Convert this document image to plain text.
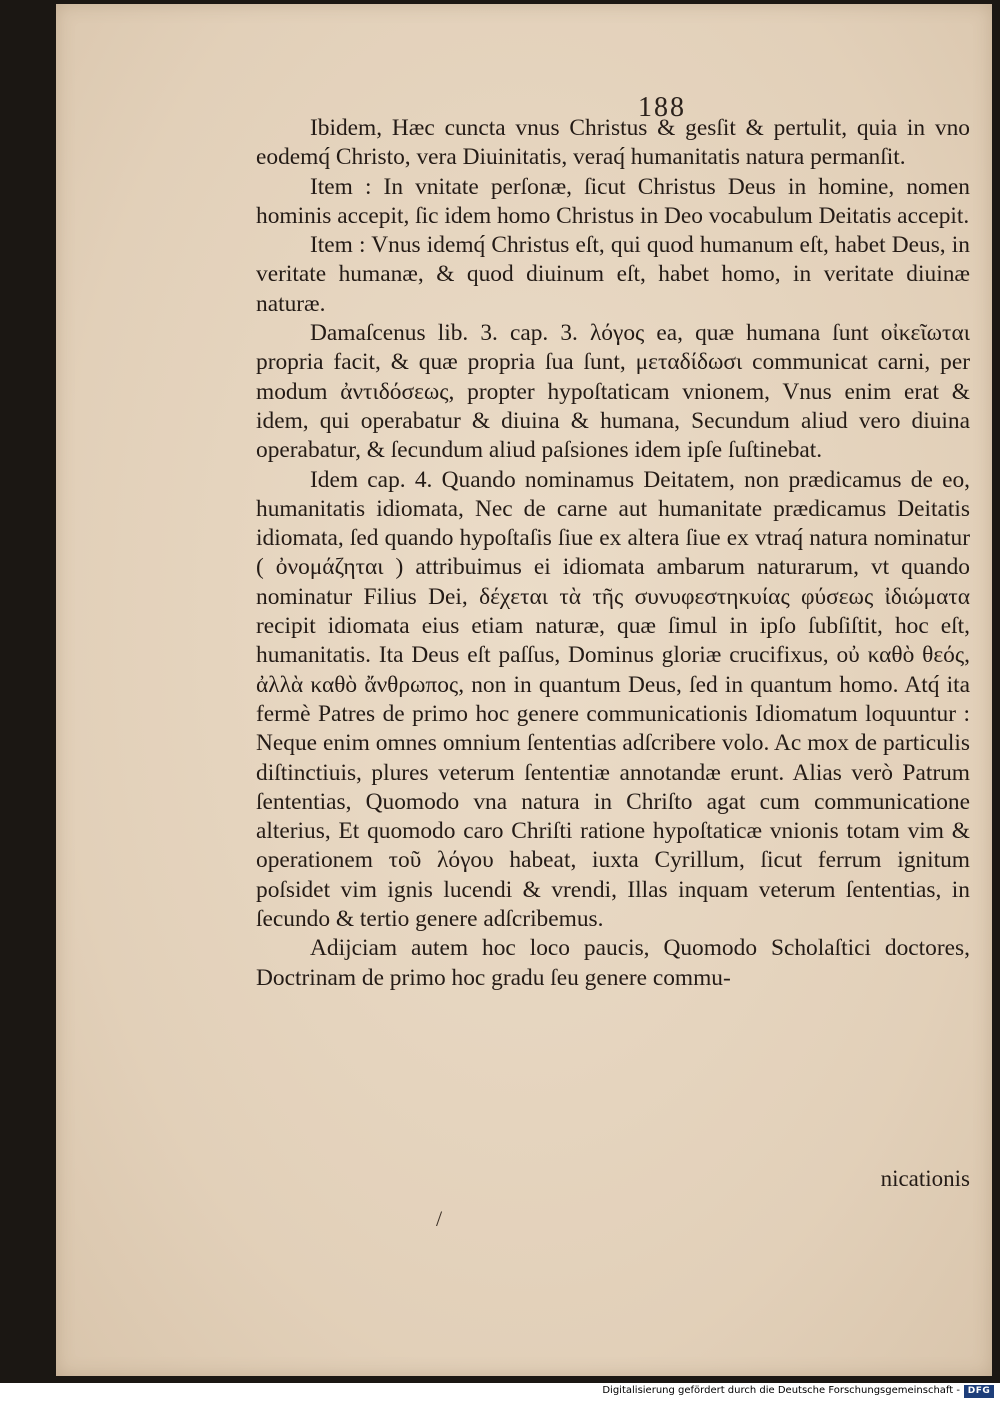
188

Ibidem, Hæc cuncta vnus Christus & gesſit & pertulit, quia in vno eodemq́ Christo, vera Diuinitatis, veraq́ humanitatis natura permanſit.

Item : In vnitate perſonæ, ſicut Christus Deus in homine, nomen hominis accepit, ſic idem homo Christus in Deo vocabulum Deitatis accepit.

Item : Vnus idemq́ Christus eſt, qui quod humanum eſt, habet Deus, in veritate humanæ, & quod diuinum eſt, habet homo, in veritate diuinæ naturæ.

Damaſcenus lib. 3. cap. 3. λόγος ea, quæ humana ſunt οἰκεῖωται propria facit, & quæ propria ſua ſunt, μεταδίδωσι communicat carni, per modum ἀντιδόσεως, propter hypoſtaticam vnionem, Vnus enim erat & idem, qui operabatur & diuina & humana, Secundum aliud vero diuina operabatur, & ſecundum aliud paſsiones idem ipſe ſuſtinebat.

Idem cap. 4. Quando nominamus Deitatem, non prædicamus de eo, humanitatis idiomata, Nec de carne aut humanitate prædicamus Deitatis idiomata, ſed quando hypoſtaſis ſiue ex altera ſiue ex vtraq́ natura nominatur ( ὀνομάζηται ) attribuimus ei idiomata ambarum naturarum, vt quando nominatur Filius Dei, δέχεται τὰ τῆς συνυφεστηκυίας φύσεως ἰδιώματα recipit idiomata eius etiam naturæ, quæ ſimul in ipſo ſubſiſtit, hoc eſt, humanitatis. Ita Deus eſt paſſus, Dominus gloriæ crucifixus, οὐ καθὸ θεός, ἀλλὰ καθὸ ἄνθρωπος, non in quantum Deus, ſed in quantum homo. Atq́ ita fermè Patres de primo hoc genere communicationis Idiomatum loquuntur : Neque enim omnes omnium ſententias adſcribere volo. Ac mox de particulis diſtinctiuis, plures veterum ſententiæ annotandæ erunt. Alias verò Patrum ſententias, Quomodo vna natura in Chriſto agat cum communicatione alterius, Et quomodo caro Chriſti ratione hypoſtaticæ vnionis totam vim & operationem τοῦ λόγου habeat, iuxta Cyrillum, ſicut ferrum ignitum poſsidet vim ignis lucendi & vrendi, Illas inquam veterum ſententias, in ſecundo & tertio genere adſcribemus.

Adijciam autem hoc loco paucis, Quomodo Scholaſtici doctores, Doctrinam de primo hoc gradu ſeu genere commu-

nicationis
/
Digitalisierung gefördert durch die Deutsche Forschungsgemeinschaft - DFG
